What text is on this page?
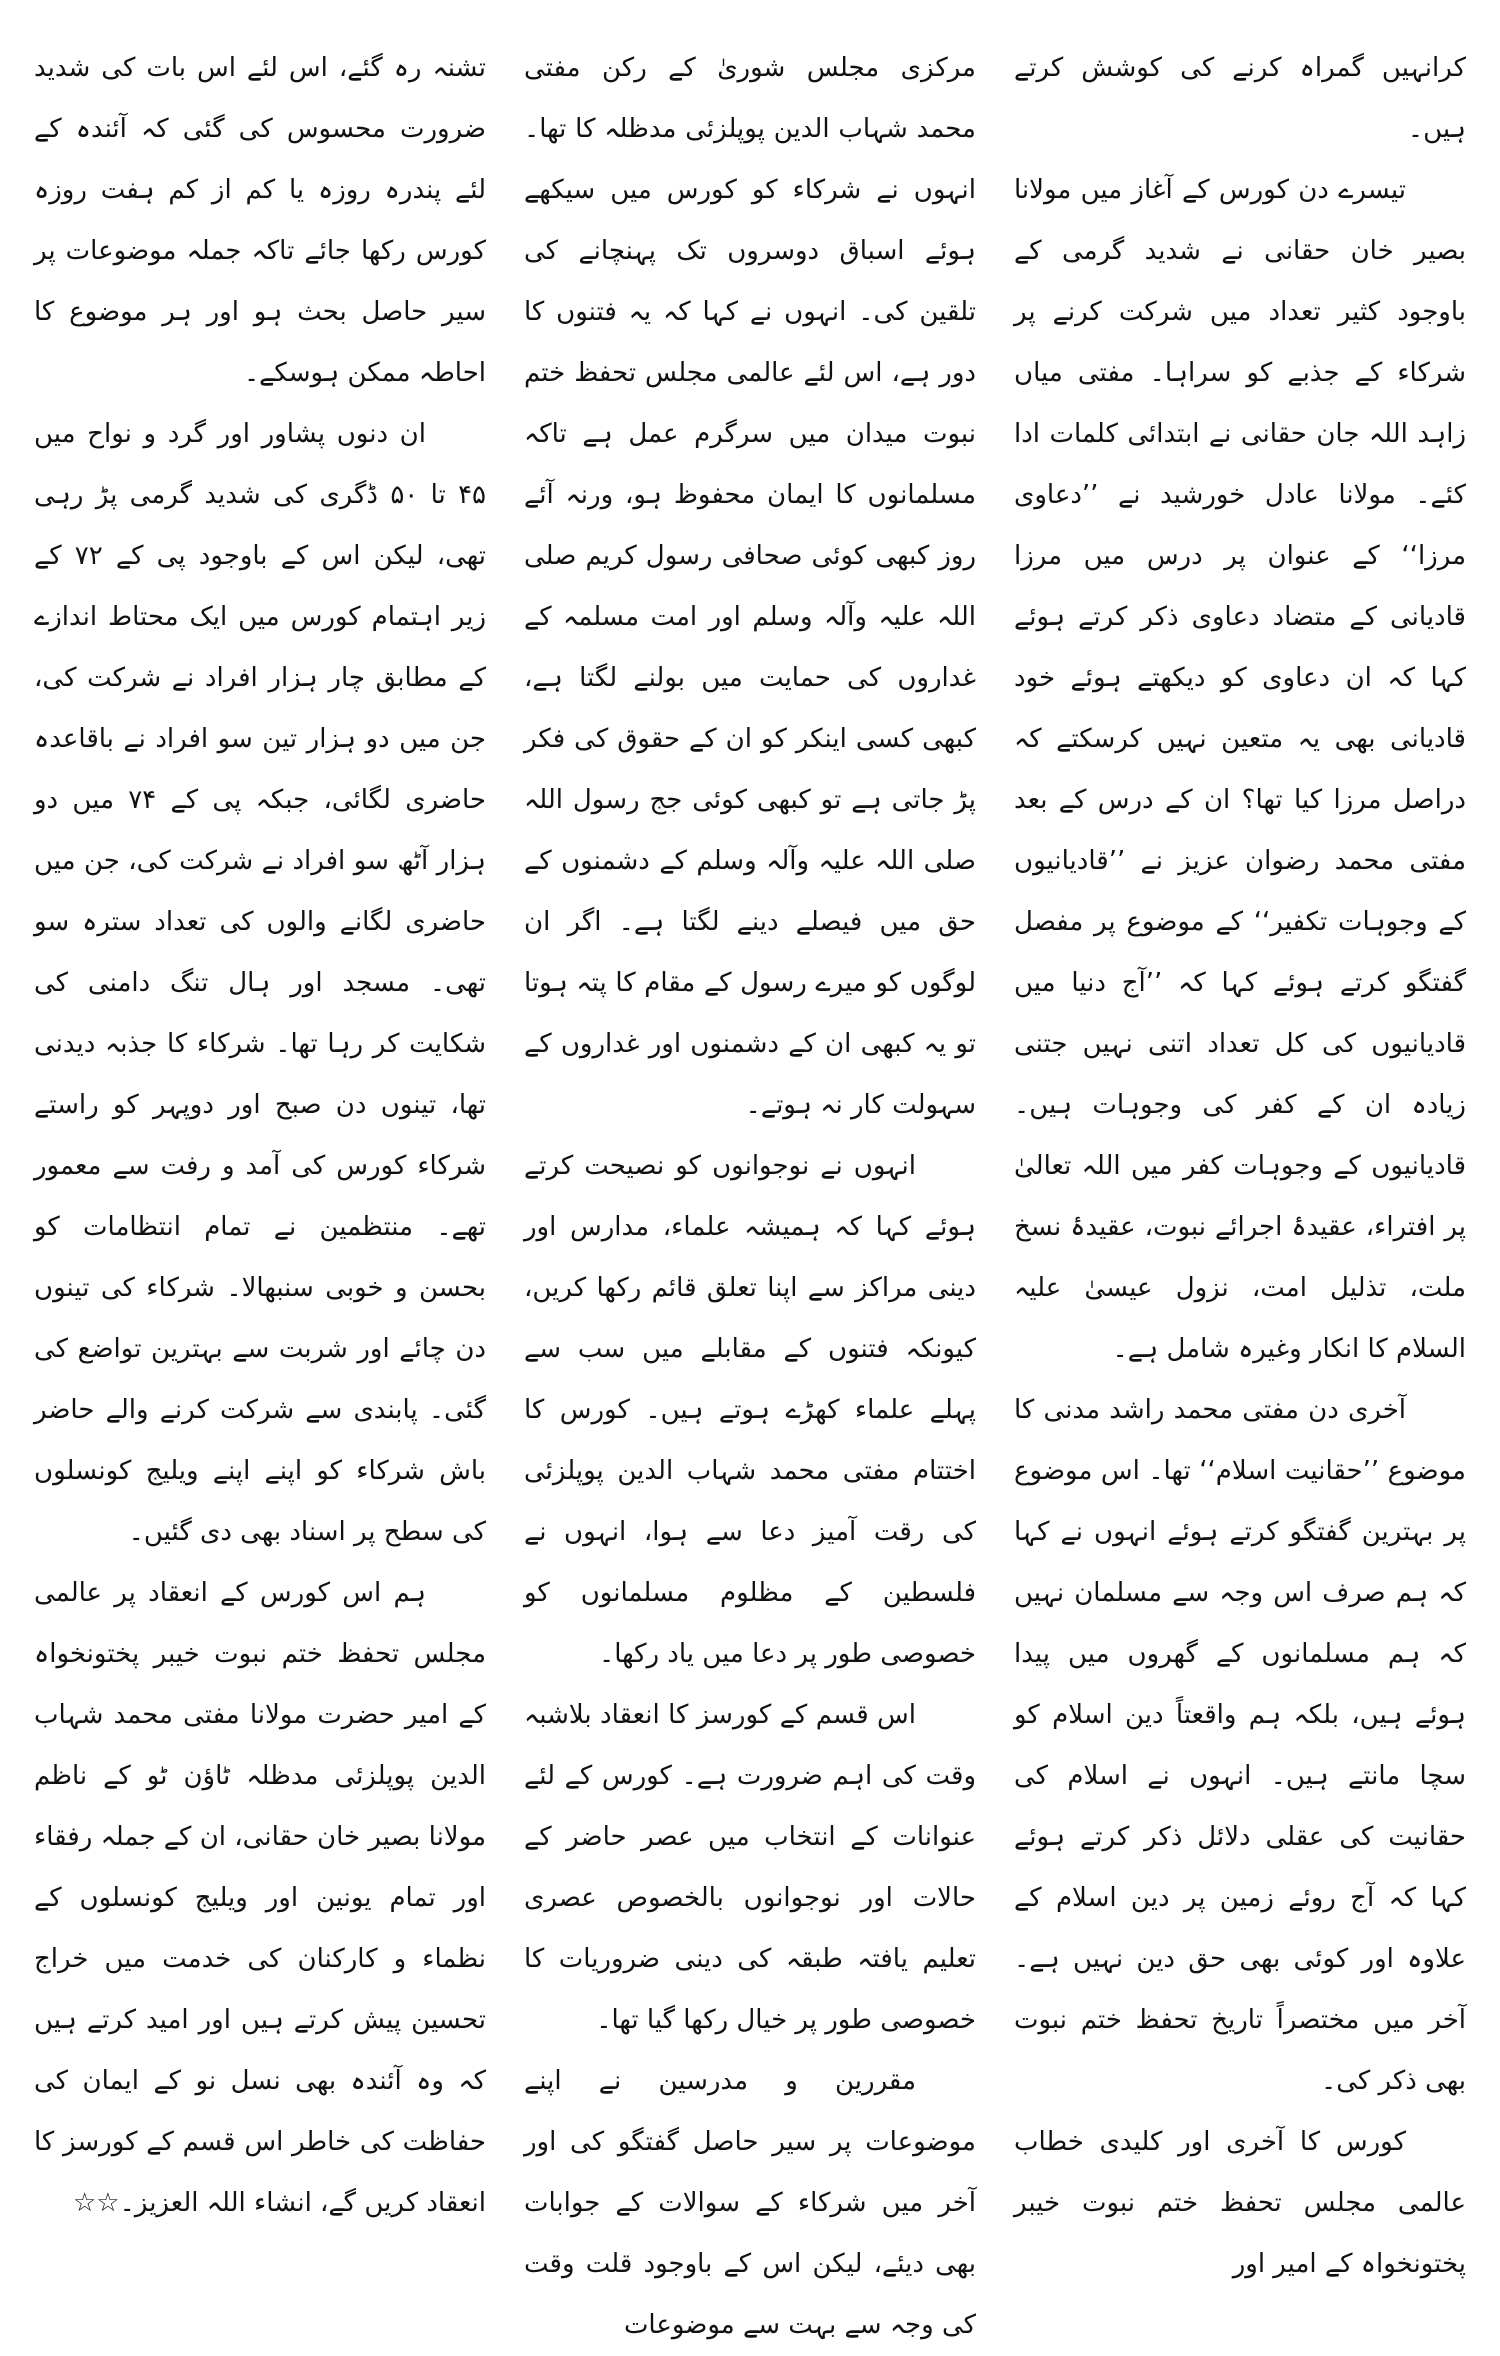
کرانہیں گمراہ کرنے کی کوشش کرتے ہیں۔

تیسرے دن کورس کے آغاز میں مولانا بصیر خان حقانی نے شدید گرمی کے باوجود کثیر تعداد میں شرکت کرنے پر شرکاء کے جذبے کو سراہا۔ مفتی میاں زاہد اللہ جان حقانی نے ابتدائی کلمات ادا کئے۔ مولانا عادل خورشید نے ’’دعاوی مرزا‘‘ کے عنوان پر درس میں مرزا قادیانی کے متضاد دعاوی ذکر کرتے ہوئے کہا کہ ان دعاوی کو دیکھتے ہوئے خود قادیانی بھی یہ متعین نہیں کرسکتے کہ دراصل مرزا کیا تھا؟ ان کے درس کے بعد مفتی محمد رضوان عزیز نے ’’قادیانیوں کے وجوہات تکفیر‘‘ کے موضوع پر مفصل گفتگو کرتے ہوئے کہا کہ ’’آج دنیا میں قادیانیوں کی کل تعداد اتنی نہیں جتنی زیادہ ان کے کفر کی وجوہات ہیں۔ قادیانیوں کے وجوہات کفر میں اللہ تعالیٰ پر افتراء، عقیدۂ اجرائے نبوت، عقیدۂ نسخ ملت، تذلیل امت، نزول عیسیٰ علیہ السلام کا انکار وغیرہ شامل ہے۔

آخری دن مفتی محمد راشد مدنی کا موضوع ’’حقانیت اسلام‘‘ تھا۔ اس موضوع پر بہترین گفتگو کرتے ہوئے انہوں نے کہا کہ ہم صرف اس وجہ سے مسلمان نہیں کہ ہم مسلمانوں کے گھروں میں پیدا ہوئے ہیں، بلکہ ہم واقعتاً دین اسلام کو سچا مانتے ہیں۔ انہوں نے اسلام کی حقانیت کی عقلی دلائل ذکر کرتے ہوئے کہا کہ آج روئے زمین پر دین اسلام کے علاوہ اور کوئی بھی حق دین نہیں ہے۔ آخر میں مختصراً تاریخ تحفظ ختم نبوت بھی ذکر کی۔

کورس کا آخری اور کلیدی خطاب عالمی مجلس تحفظ ختم نبوت خیبر پختونخواہ کے امیر اور

مرکزی مجلس شوریٰ کے رکن مفتی محمد شہاب الدین پوپلزئی مدظلہ کا تھا۔ انہوں نے شرکاء کو کورس میں سیکھے ہوئے اسباق دوسروں تک پہنچانے کی تلقین کی۔ انہوں نے کہا کہ یہ فتنوں کا دور ہے، اس لئے عالمی مجلس تحفظ ختم نبوت میدان میں سرگرم عمل ہے تاکہ مسلمانوں کا ایمان محفوظ ہو، ورنہ آئے روز کبھی کوئی صحافی رسول کریم صلی اللہ علیہ وآلہ وسلم اور امت مسلمہ کے غداروں کی حمایت میں بولنے لگتا ہے، کبھی کسی اینکر کو ان کے حقوق کی فکر پڑ جاتی ہے تو کبھی کوئی جج رسول اللہ صلی اللہ علیہ وآلہ وسلم کے دشمنوں کے حق میں فیصلے دینے لگتا ہے۔ اگر ان لوگوں کو میرے رسول کے مقام کا پتہ ہوتا تو یہ کبھی ان کے دشمنوں اور غداروں کے سہولت کار نہ ہوتے۔

انہوں نے نوجوانوں کو نصیحت کرتے ہوئے کہا کہ ہمیشہ علماء، مدارس اور دینی مراکز سے اپنا تعلق قائم رکھا کریں، کیونکہ فتنوں کے مقابلے میں سب سے پہلے علماء کھڑے ہوتے ہیں۔ کورس کا اختتام مفتی محمد شہاب الدین پوپلزئی کی رقت آمیز دعا سے ہوا، انہوں نے فلسطین کے مظلوم مسلمانوں کو خصوصی طور پر دعا میں یاد رکھا۔

اس قسم کے کورسز کا انعقاد بلاشبہ وقت کی اہم ضرورت ہے۔ کورس کے لئے عنوانات کے انتخاب میں عصر حاضر کے حالات اور نوجوانوں بالخصوص عصری تعلیم یافتہ طبقہ کی دینی ضروریات کا خصوصی طور پر خیال رکھا گیا تھا۔

مقررین و مدرسین نے اپنے موضوعات پر سیر حاصل گفتگو کی اور آخر میں شرکاء کے سوالات کے جوابات بھی دیئے، لیکن اس کے باوجود قلت وقت کی وجہ سے بہت سے موضوعات

تشنہ رہ گئے، اس لئے اس بات کی شدید ضرورت محسوس کی گئی کہ آئندہ کے لئے پندرہ روزہ یا کم از کم ہفت روزہ کورس رکھا جائے تاکہ جملہ موضوعات پر سیر حاصل بحث ہو اور ہر موضوع کا احاطہ ممکن ہوسکے۔

ان دنوں پشاور اور گرد و نواح میں ۴۵ تا ۵۰ ڈگری کی شدید گرمی پڑ رہی تھی، لیکن اس کے باوجود پی کے ۷۲ کے زیر اہتمام کورس میں ایک محتاط اندازے کے مطابق چار ہزار افراد نے شرکت کی، جن میں دو ہزار تین سو افراد نے باقاعدہ حاضری لگائی، جبکہ پی کے ۷۴ میں دو ہزار آٹھ سو افراد نے شرکت کی، جن میں حاضری لگانے والوں کی تعداد سترہ سو تھی۔ مسجد اور ہال تنگ دامنی کی شکایت کر رہا تھا۔ شرکاء کا جذبہ دیدنی تھا، تینوں دن صبح اور دوپہر کو راستے شرکاء کورس کی آمد و رفت سے معمور تھے۔ منتظمین نے تمام انتظامات کو بحسن و خوبی سنبھالا۔ شرکاء کی تینوں دن چائے اور شربت سے بہترین تواضع کی گئی۔ پابندی سے شرکت کرنے والے حاضر باش شرکاء کو اپنے اپنے ویلیج کونسلوں کی سطح پر اسناد بھی دی گئیں۔

ہم اس کورس کے انعقاد پر عالمی مجلس تحفظ ختم نبوت خیبر پختونخواہ کے امیر حضرت مولانا مفتی محمد شہاب الدین پوپلزئی مدظلہ ٹاؤن ٹو کے ناظم مولانا بصیر خان حقانی، ان کے جملہ رفقاء اور تمام یونین اور ویلیج کونسلوں کے نظماء و کارکنان کی خدمت میں خراج تحسین پیش کرتے ہیں اور امید کرتے ہیں کہ وہ آئندہ بھی نسل نو کے ایمان کی حفاظت کی خاطر اس قسم کے کورسز کا انعقاد کریں گے، انشاء اللہ العزیز۔☆☆
